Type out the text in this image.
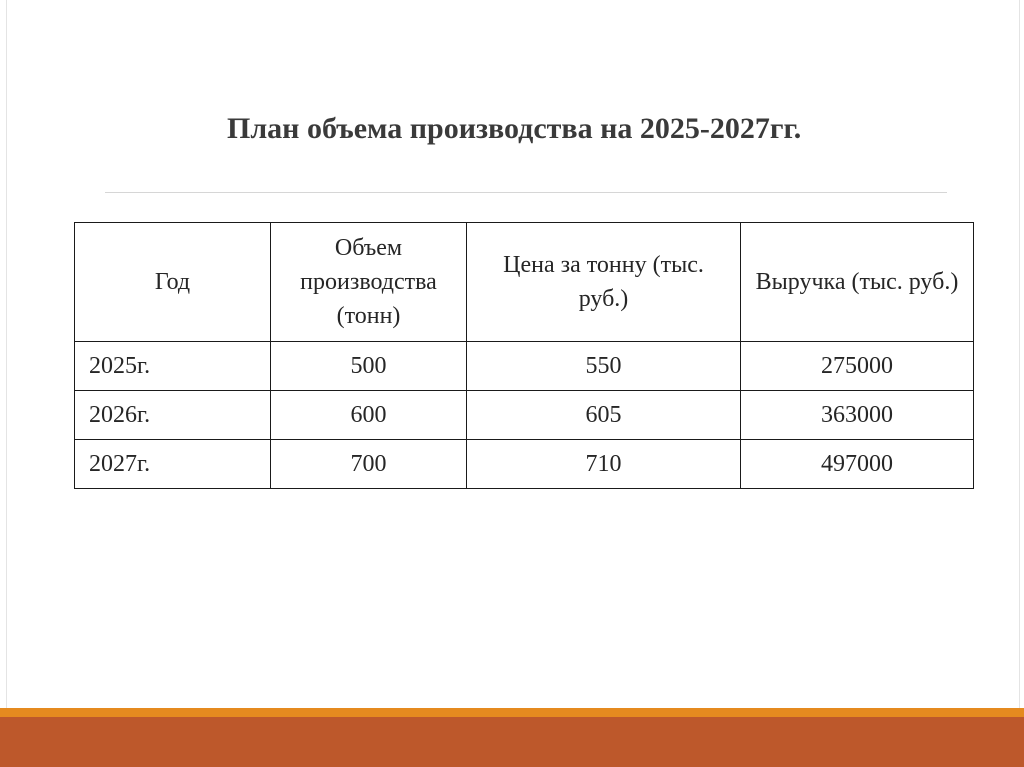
План объема производства на 2025-2027гг.
Год	Объем производства (тонн)	Цена за тонну (тыс. руб.)	Выручка (тыс. руб.)
2025г.	500	550	275000
2026г.	600	605	363000
2027г.	700	710	497000
